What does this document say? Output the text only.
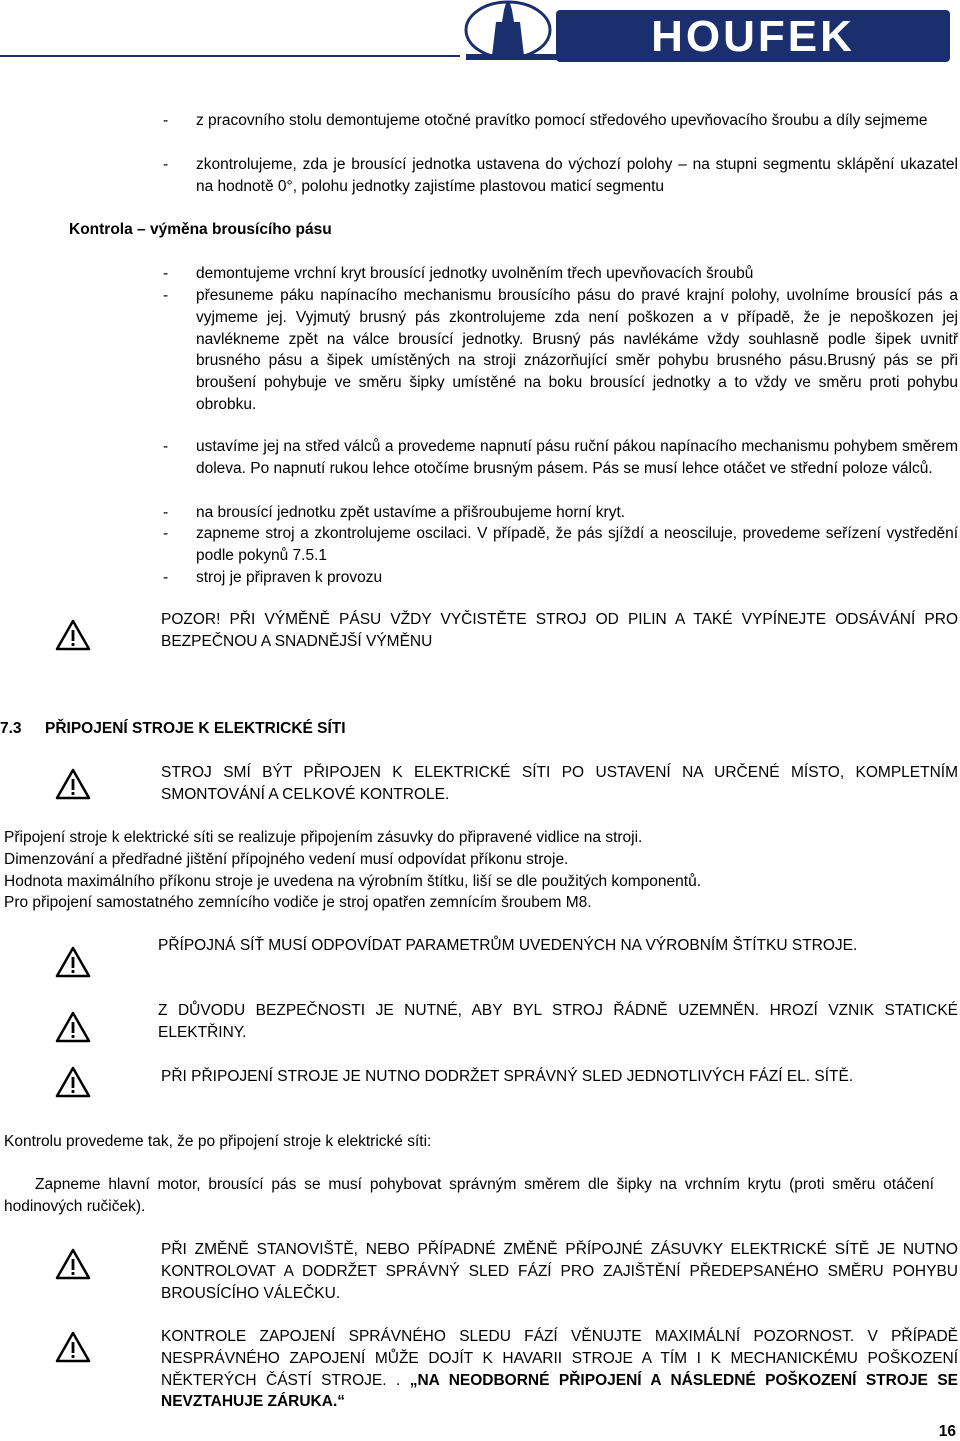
HOUFEK
- z pracovního stolu demontujeme otočné pravítko pomocí středového upevňovacího šroubu a díly sejmeme
- zkontrolujeme, zda je brousící jednotka ustavena do výchozí polohy – na stupni segmentu sklápění ukazatel na hodnotě 0°, polohu jednotky zajistíme plastovou maticí segmentu
Kontrola – výměna brousícího pásu
- demontujeme vrchní kryt brousící jednotky uvolněním třech upevňovacích šroubů
- přesuneme páku napínacího mechanismu brousícího pásu do pravé krajní polohy, uvolníme brousící pás a vyjmeme jej. Vyjmutý brusný pás zkontrolujeme zda není poškozen a v případě, že je nepoškozen jej navlékneme zpět na válce brousící jednotky. Brusný pás navlékáme vždy souhlasně podle šipek uvnitř brusného pásu a šipek umístěných na stroji znázorňující směr pohybu brusného pásu.Brusný pás se při broušení pohybuje ve směru šipky umístěné na boku brousící jednotky a to vždy ve směru proti pohybu obrobku.
- ustavíme jej na střed válců a provedeme napnutí pásu ruční pákou napínacího mechanismu pohybem směrem doleva. Po napnutí rukou lehce otočíme brusným pásem. Pás se musí lehce otáčet ve střední poloze válců.
- na brousící jednotku zpět ustavíme a přišroubujeme horní kryt.
- zapneme stroj a zkontrolujeme oscilaci. V případě, že pás sjíždí a neosciluje, provedeme seřízení vystředění podle pokynů 7.5.1
- stroj je připraven k provozu
POZOR! PŘI VÝMĚNĚ PÁSU VŽDY VYČISTĚTE STROJ OD PILIN A TAKÉ VYPÍNEJTE ODSÁVÁNÍ PRO BEZPEČNOU A SNADNĚJŠÍ VÝMĚNU
7.3 PŘIPOJENÍ STROJE K ELEKTRICKÉ SÍTI
STROJ SMÍ BÝT PŘIPOJEN K ELEKTRICKÉ SÍTI PO USTAVENÍ NA URČENÉ MÍSTO, KOMPLETNÍM SMONTOVÁNÍ A CELKOVÉ KONTROLE.
Připojení stroje k elektrické síti se realizuje připojením zásuvky do připravené vidlice na stroji.
Dimenzování a předřadné jištění přípojného vedení musí odpovídat příkonu stroje.
Hodnota maximálního příkonu stroje je uvedena na výrobním štítku, liší se dle použitých komponentů.
Pro připojení samostatného zemnícího vodiče je stroj opatřen zemnícím šroubem M8.
PŘÍPOJNÁ SÍŤ MUSÍ ODPOVÍDAT PARAMETRŮM UVEDENÝCH NA VÝROBNÍM ŠTÍTKU STROJE.
Z DŮVODU BEZPEČNOSTI JE NUTNÉ, ABY BYL STROJ ŘÁDNĚ UZEMNĚN. HROZÍ VZNIK STATICKÉ ELEKTŘINY.
PŘI PŘIPOJENÍ STROJE JE NUTNO DODRŽET SPRÁVNÝ SLED JEDNOTLIVÝCH FÁZÍ EL. SÍTĚ.
Kontrolu provedeme tak, že po připojení stroje k elektrické síti:
Zapneme hlavní motor, brousící pás se musí pohybovat správným směrem dle šipky na vrchním krytu (proti směru otáčení hodinových ručiček).
PŘI ZMĚNĚ STANOVIŠTĚ, NEBO PŘÍPADNÉ ZMĚNĚ PŘÍPOJNÉ ZÁSUVKY ELEKTRICKÉ SÍTĚ JE NUTNO KONTROLOVAT A DODRŽET SPRÁVNÝ SLED FÁZÍ PRO ZAJIŠTĚNÍ PŘEDEPSANÉHO SMĚRU POHYBU BROUSÍCÍHO VÁLEČKU.
KONTROLE ZAPOJENÍ SPRÁVNÉHO SLEDU FÁZÍ VĚNUJTE MAXIMÁLNÍ POZORNOST. V PŘÍPADĚ NESPRÁVNÉHO ZAPOJENÍ MŮŽE DOJÍT K HAVARII STROJE A TÍM I K MECHANICKÉMU POŠKOZENÍ NĚKTERÝCH ČÁSTÍ STROJE. . „NA NEODBORNÉ PŘIPOJENÍ A NÁSLEDNÉ POŠKOZENÍ STROJE SE NEVZTAHUJE ZÁRUKA.“
16
